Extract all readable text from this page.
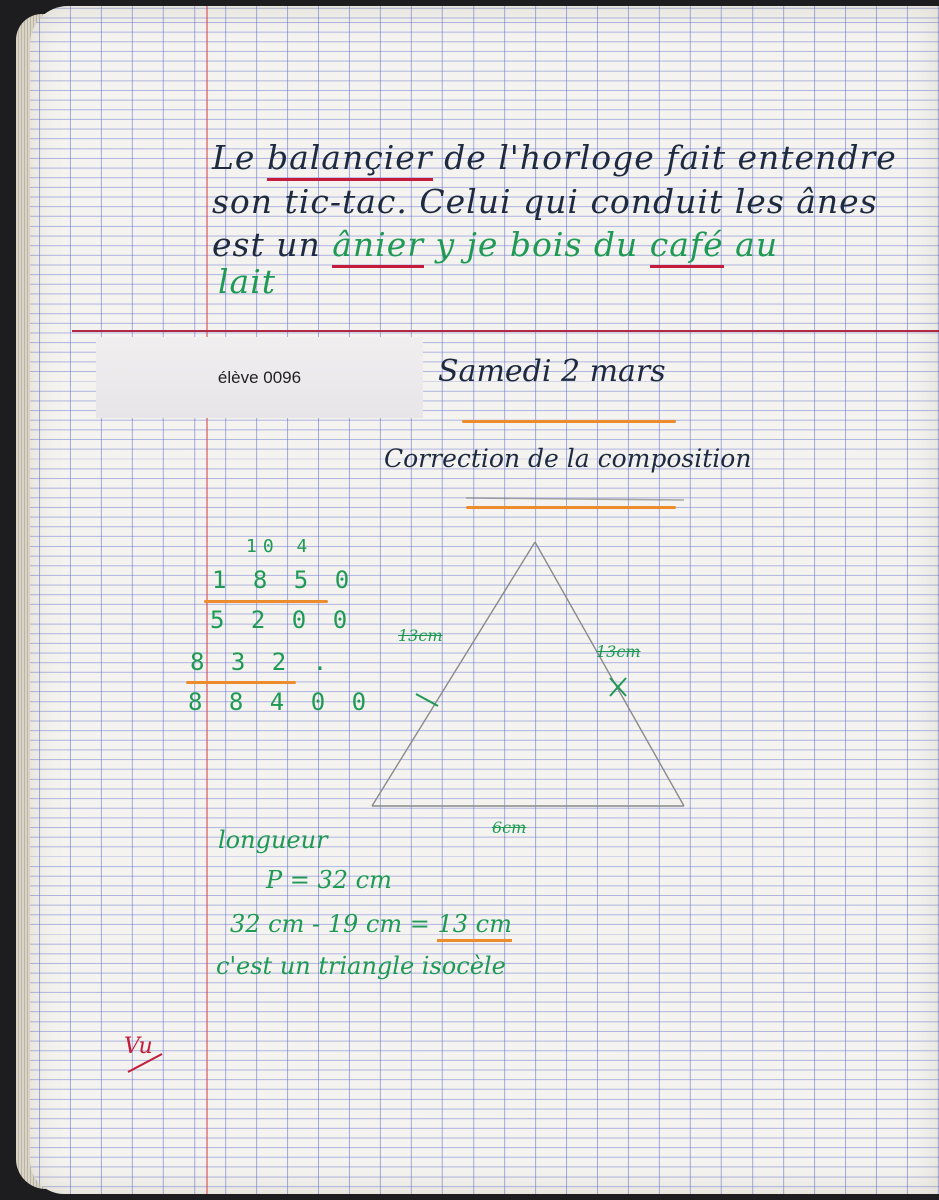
Le balançier de l'horloge fait entendre
son tic-tac. Celui qui conduit les ânes
est un ânier y je bois du café au
lait
élève 0096	Samedi 2 mars
Correction de la composition
10 4
1 8 5 0
5 2 0 0
8 3 2 .
8 8 4 0 0
13cm
13cm
6cm
longueur
P = 32 cm
32 cm - 19 cm = 13 cm
c'est un triangle isocèle
Vu
